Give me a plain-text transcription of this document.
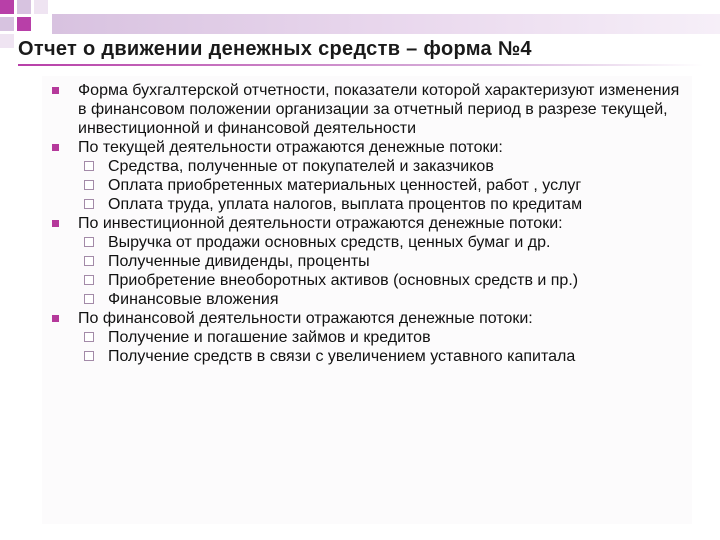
Отчет о движении денежных средств – форма №4
Форма бухгалтерской отчетности, показатели которой характеризуют изменения в финансовом положении организации за отчетный период в разрезе текущей, инвестиционной и финансовой деятельности
По текущей деятельности отражаются денежные потоки:
Средства, полученные от покупателей и заказчиков
Оплата приобретенных материальных ценностей, работ , услуг
Оплата труда, уплата налогов, выплата процентов по кредитам
По инвестиционной деятельности отражаются денежные потоки:
Выручка от продажи основных средств, ценных бумаг и др.
Полученные дивиденды, проценты
Приобретение внеоборотных активов (основных средств и пр.)
Финансовые вложения
По финансовой деятельности отражаются денежные потоки:
Получение и погашение займов и кредитов
Получение средств в связи с увеличением уставного капитала
